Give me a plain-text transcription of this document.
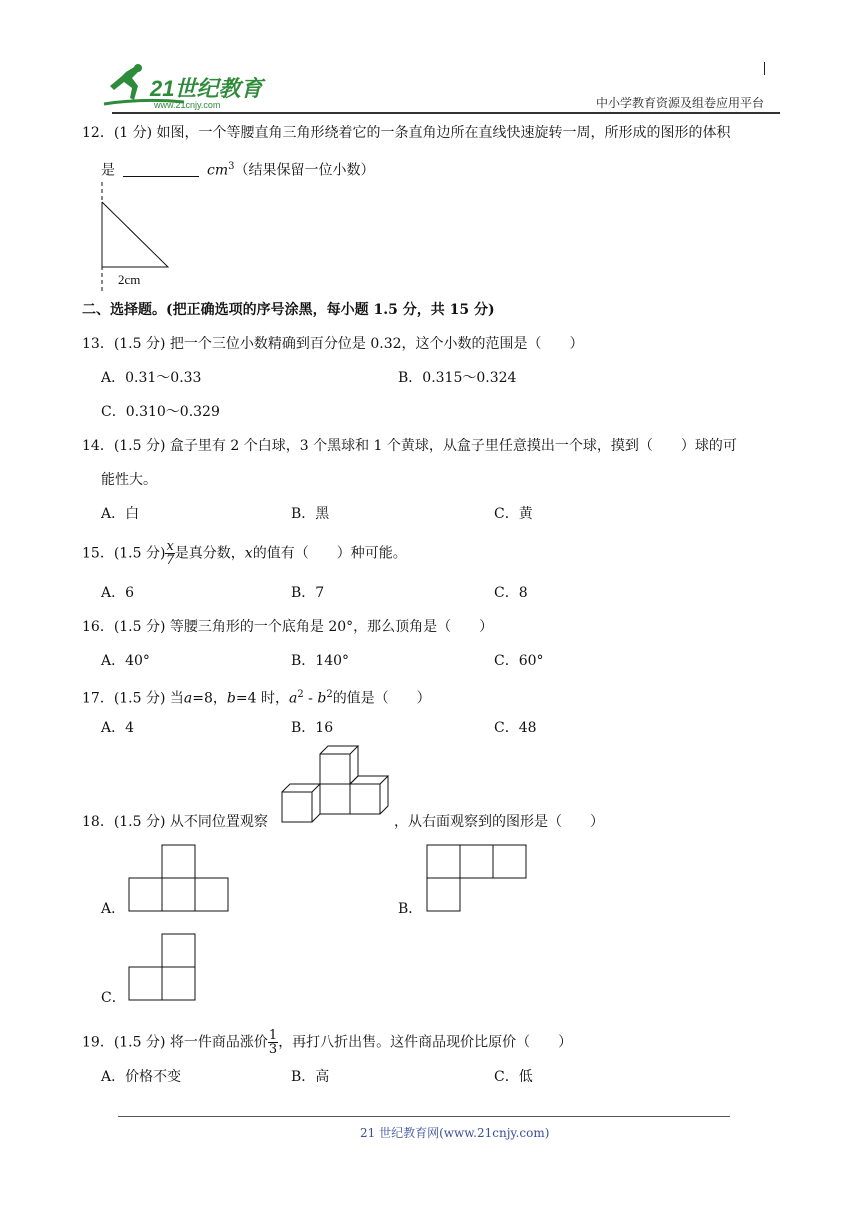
21世纪教育
www.21cnjy.com	中小学教育资源及组卷应用平台
12．(1 分) 如图，一个等腰直角三角形绕着它的一条直角边所在直线快速旋转一周，所形成的图形的体积
是	$cm^3$（结果保留一位小数）
2cm
二、选择题。(把正确选项的序号涂黑，每小题 1.5 分，共 15 分)
13．(1.5 分) 把一个三位小数精确到百分位是 0.32，这个小数的范围是（　　）
A．0.31～0.33	B．0.315～0.324
C．0.310～0.329
14．(1.5 分) 盒子里有 2 个白球，3 个黑球和 1 个黄球，从盒子里任意摸出一个球，摸到（　　）球的可
能性大。
A．白	B．黑	C．黄
15．(1.5 分) $\frac{x}{7}$ 是真分数，x的值有（　　）种可能。
A．6	B．7	C．8
16．(1.5 分) 等腰三角形的一个底角是 20°，那么顶角是（　　）
A．40°	B．140°	C．60°
17．(1.5 分) 当a=8，b=4 时，$a^2 - b^2$的值是（　　）
A．4	B．16	C．48
18．(1.5 分) 从不同位置观察	，从右面观察到的图形是（　　）
A．	B．
C．
19．(1.5 分) 将一件商品涨价 $\frac{1}{3}$ ，再打八折出售。这件商品现价比原价（　　）
A．价格不变	B．高	C．低
21 世纪教育网(www.21cnjy.com)
